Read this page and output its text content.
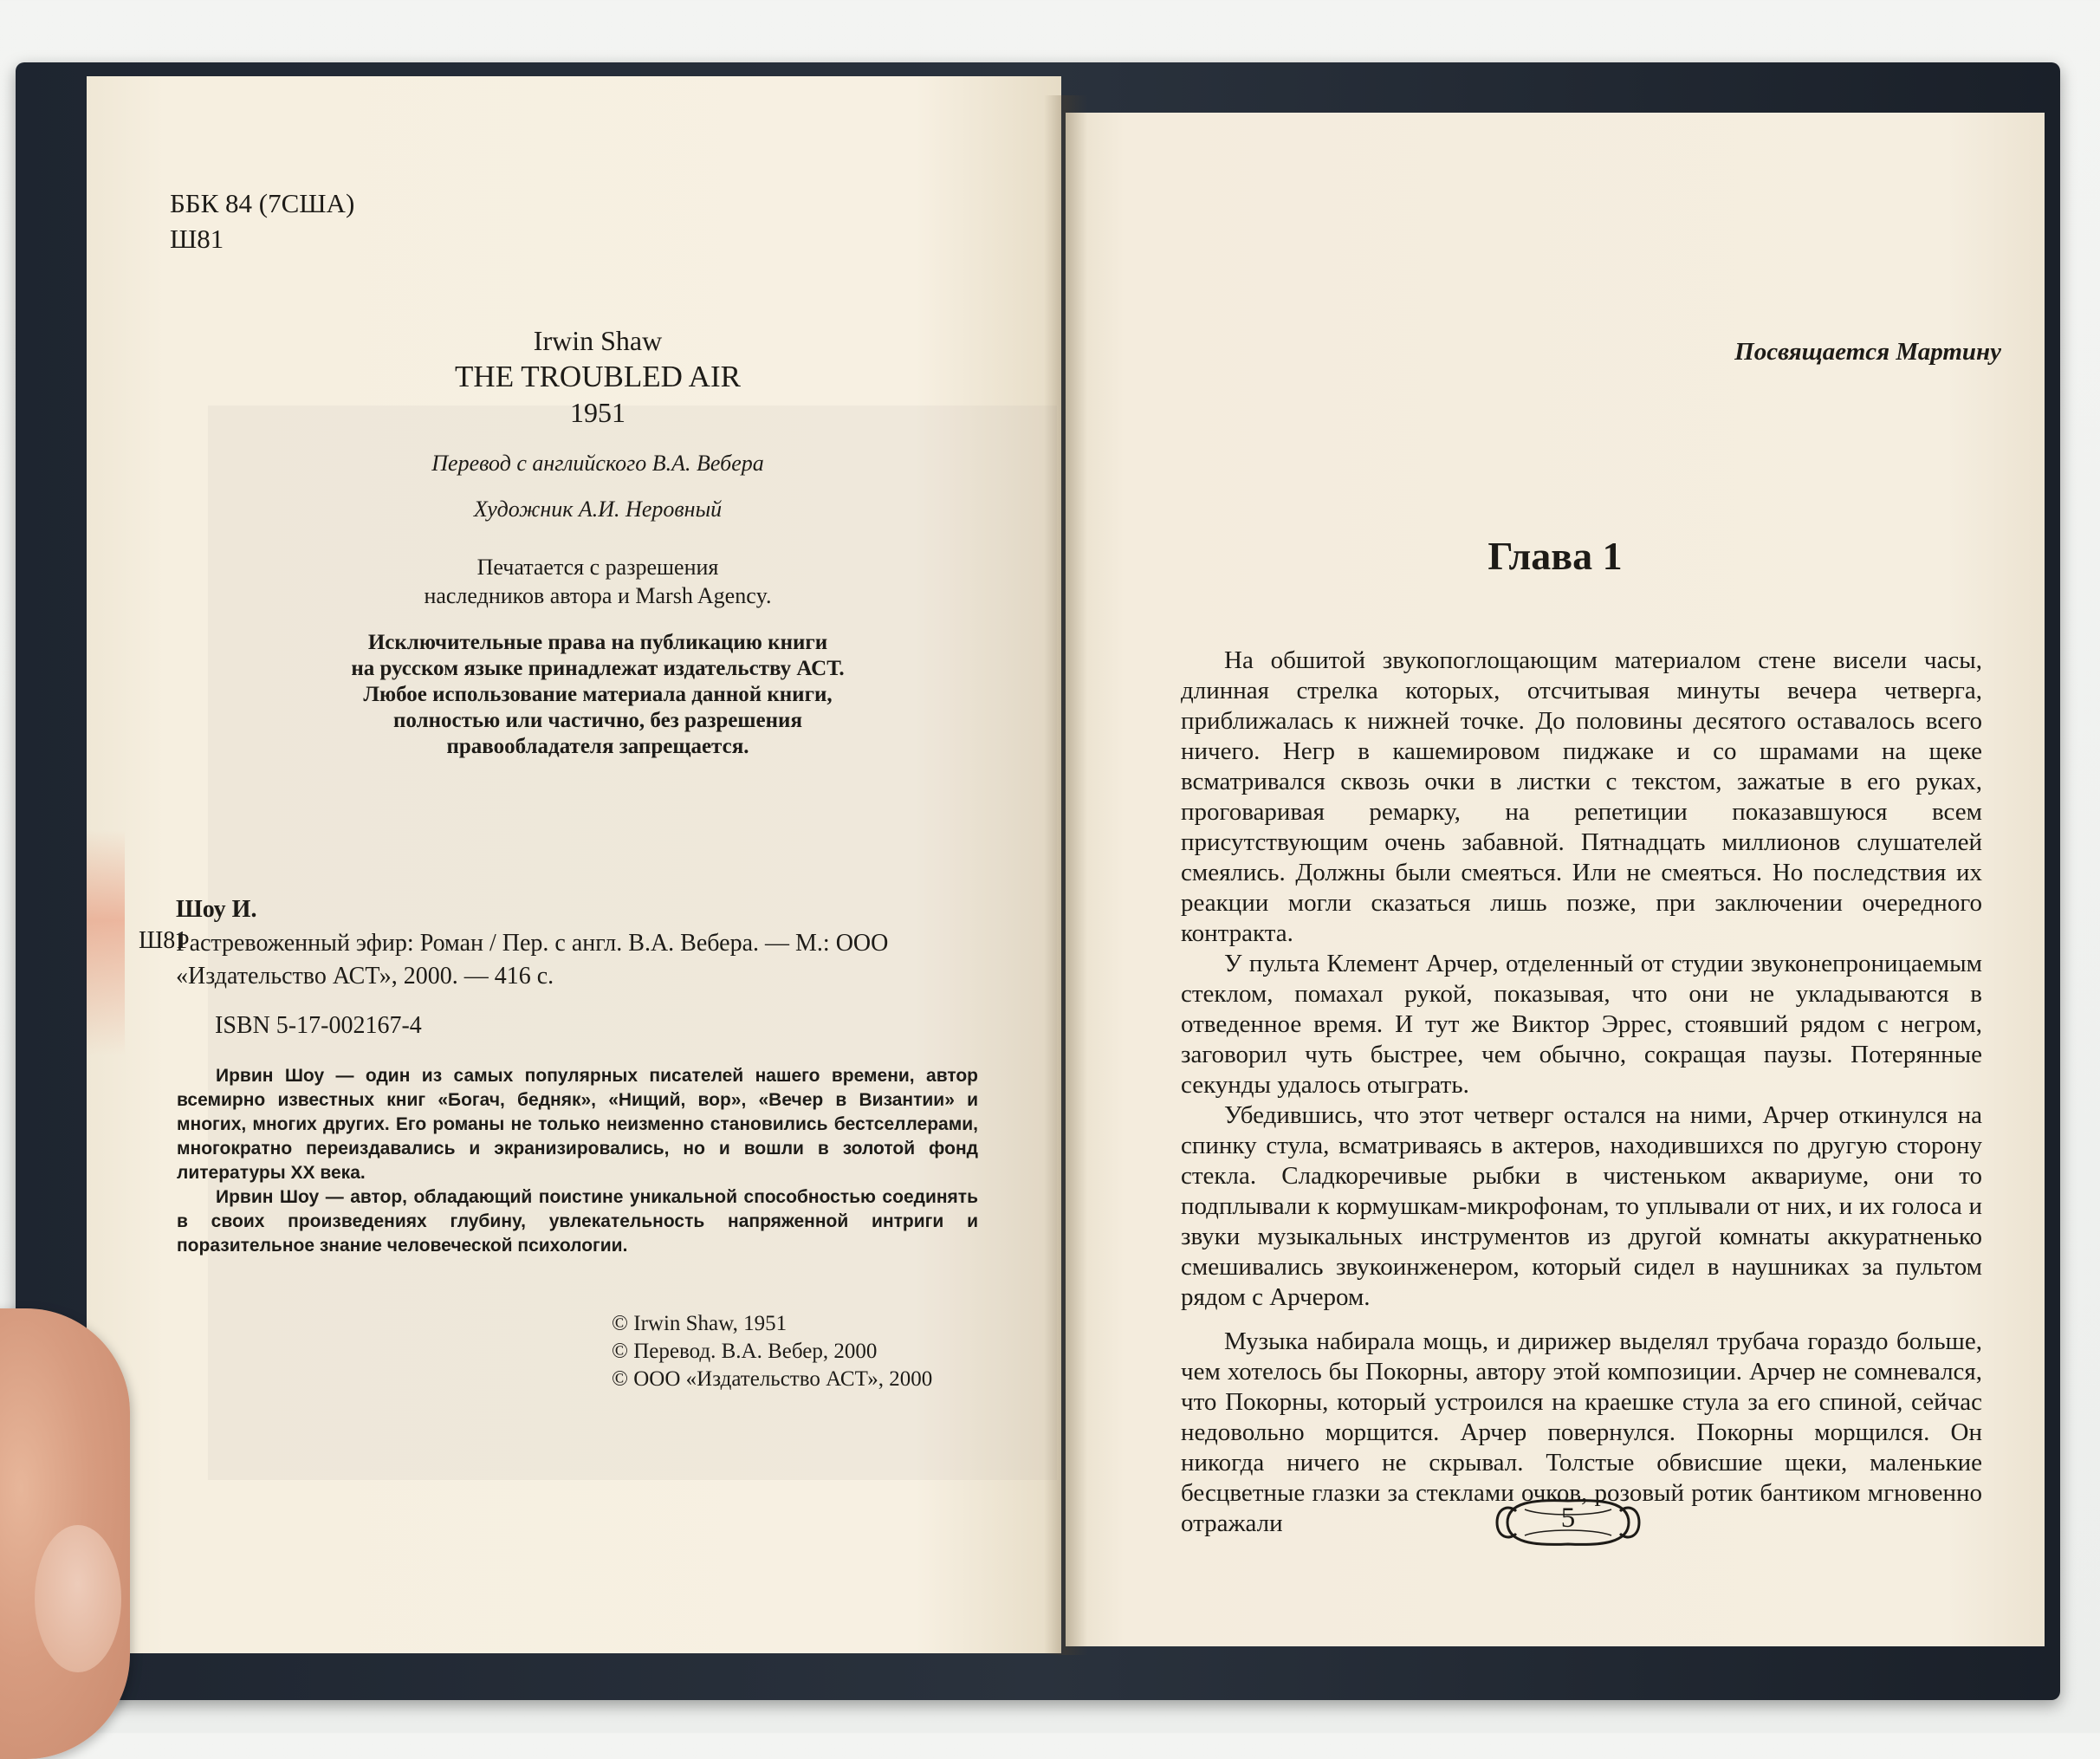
ББК 84 (7США)
Ш81
Irwin Shaw
THE TROUBLED AIR
1951
Перевод с английского В.А. Вебера
Художник А.И. Неровный
Печатается с разрешения
наследников автора и Marsh Agency.
Исключительные права на публикацию книги
на русском языке принадлежат издательству АСТ.
Любое использование материала данной книги,
полностью или частично, без разрешения
правообладателя запрещается.
Шоу И.
Ш81
Растревоженный эфир: Роман / Пер. с англ. В.А. Вебера. — М.: ООО «Издательство АСТ», 2000. — 416 с.
ISBN 5-17-002167-4

Ирвин Шоу — один из самых популярных писателей нашего времени, автор всемирно известных книг «Богач, бедняк», «Нищий, вор», «Вечер в Византии» и многих, многих других. Его романы не только неизменно становились бестселлерами, многократно переиздавались и экранизировались, но и вошли в золотой фонд литературы XX века.

Ирвин Шоу — автор, обладающий поистине уникальной способностью соединять в своих произведениях глубину, увлекательность напряженной интриги и поразительное знание человеческой психологии.

© Irwin Shaw, 1951
© Перевод. В.А. Вебер, 2000
© ООО «Издательство АСТ», 2000
Посвящается Мартину
Глава 1

На обшитой звукопоглощающим материалом стене висели часы, длинная стрелка которых, отсчитывая минуты вечера четверга, приближалась к нижней точке. До половины десятого оставалось всего ничего. Негр в кашемировом пиджаке и со шрамами на щеке всматривался сквозь очки в листки с текстом, зажатые в его руках, проговаривая ремарку, на репетиции показавшуюся всем присутствующим очень забавной. Пятнадцать миллионов слушателей смеялись. Должны были смеяться. Или не смеяться. Но последствия их реакции могли сказаться лишь позже, при заключении очередного контракта.

У пульта Клемент Арчер, отделенный от студии звуконепроницаемым стеклом, помахал рукой, показывая, что они не укладываются в отведенное время. И тут же Виктор Эррес, стоявший рядом с негром, заговорил чуть быстрее, чем обычно, сокращая паузы. Потерянные секунды удалось отыграть.

Убедившись, что этот четверг остался на ними, Арчер откинулся на спинку стула, всматриваясь в актеров, находившихся по другую сторону стекла. Сладкоречивые рыбки в чистеньком аквариуме, они то подплывали к кормушкам-микрофонам, то уплывали от них, и их голоса и звуки музыкальных инструментов из другой комнаты аккуратненько смешивались звукоинженером, который сидел в наушниках за пультом рядом с Арчером.

Музыка набирала мощь, и дирижер выделял трубача гораздо больше, чем хотелось бы Покорны, автору этой композиции. Арчер не сомневался, что Покорны, который устроился на краешке стула за его спиной, сейчас недовольно морщится. Арчер повернулся. Покорны морщился. Он никогда ничего не скрывал. Толстые обвисшие щеки, маленькие бесцветные глазки за стеклами очков, розовый ротик бантиком мгновенно отражали	5
